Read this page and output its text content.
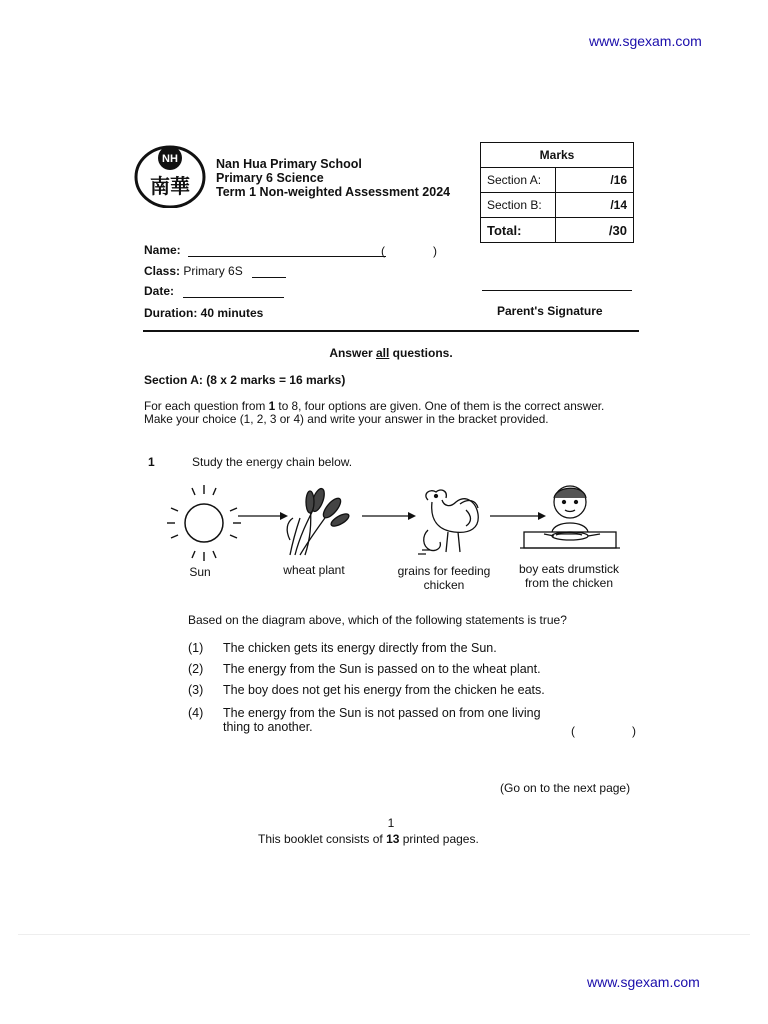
www.sgexam.com
NH
南華
Nan Hua Primary School
Primary 6 Science
Term 1 Non-weighted Assessment 2024
Marks	
Section A:	/16
Section B:	/14
Total:	/30
Name:	(	)
Class: Primary 6S
Date:
Duration: 40 minutes	Parent's Signature
Answer all questions.
Section A: (8 x 2 marks = 16 marks)
For each question from 1 to 8, four options are given. One of them is the correct answer.
Make your choice (1, 2, 3 or 4) and write your answer in the bracket provided.
1	Study the energy chain below.
Sun	wheat plant	grains for feeding
chicken
boy eats drumstick
from the chicken
Based on the diagram above, which of the following statements is true?
(1) The chicken gets its energy directly from the Sun.
(2) The energy from the Sun is passed on to the wheat plant.
(3) The boy does not get his energy from the chicken he eats.
(4) The energy from the Sun is not passed on from one living thing to another.	(	)
(Go on to the next page)
1
This booklet consists of 13 printed pages.
www.sgexam.com
